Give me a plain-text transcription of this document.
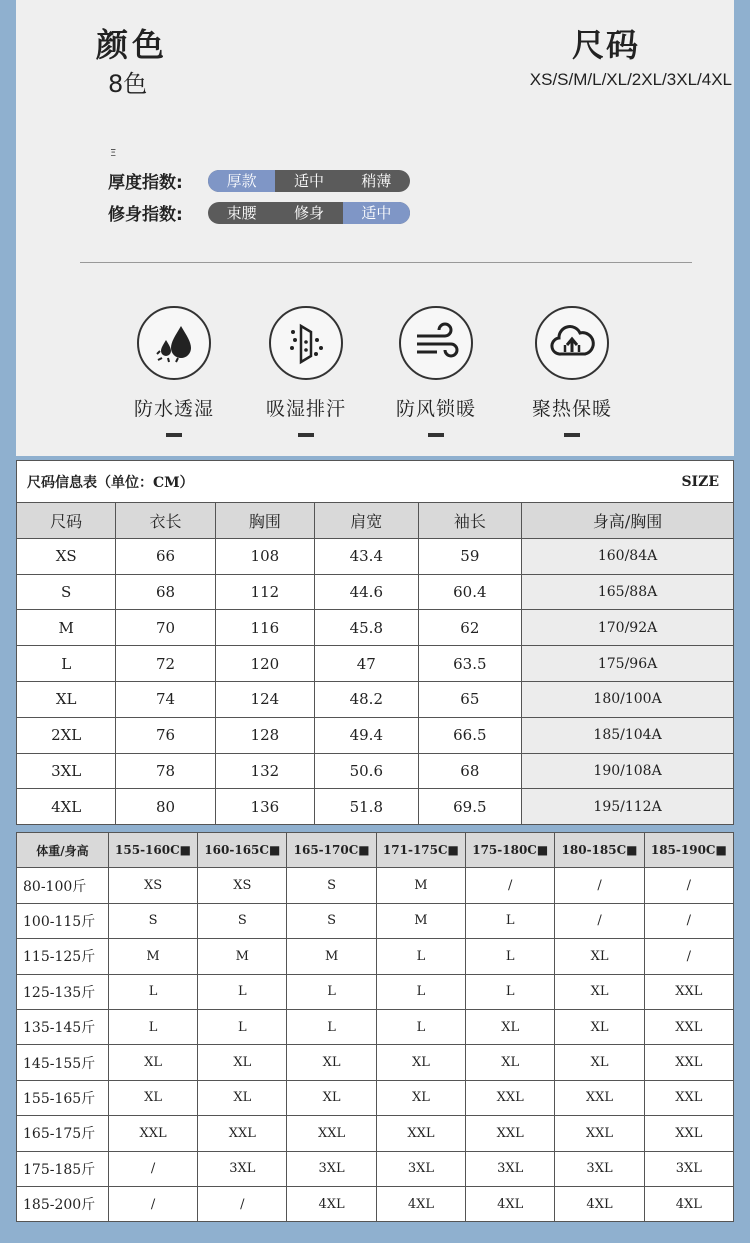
颜色
8色
尺码
XS/S/M/L/XL/2XL/3XL/4XL
Ξ
厚度指数:	厚款	适中	稍薄
修身指数:	束腰	修身	适中
防水透湿	吸湿排汗	防风锁暖	聚热保暖
尺码信息表（单位：CM）	SIZE
尺码	衣长	胸围	肩宽	袖长	身高/胸围
XS	66	108	43.4	59	160/84A
S	68	112	44.6	60.4	165/88A
M	70	116	45.8	62	170/92A
L	72	120	47	63.5	175/96A
XL	74	124	48.2	65	180/100A
2XL	76	128	49.4	66.5	185/104A
3XL	78	132	50.6	68	190/108A
4XL	80	136	51.8	69.5	195/112A
体重/身高	155-160C■	160-165C■	165-170C■	171-175C■	175-180C■	180-185C■	185-190C■
80-100斤	XS	XS	S	M	/	/	/
100-115斤	S	S	S	M	L	/	/
115-125斤	M	M	M	L	L	XL	/
125-135斤	L	L	L	L	L	XL	XXL
135-145斤	L	L	L	L	XL	XL	XXL
145-155斤	XL	XL	XL	XL	XL	XL	XXL
155-165斤	XL	XL	XL	XL	XXL	XXL	XXL
165-175斤	XXL	XXL	XXL	XXL	XXL	XXL	XXL
175-185斤	/	3XL	3XL	3XL	3XL	3XL	3XL
185-200斤	/	/	4XL	4XL	4XL	4XL	4XL
